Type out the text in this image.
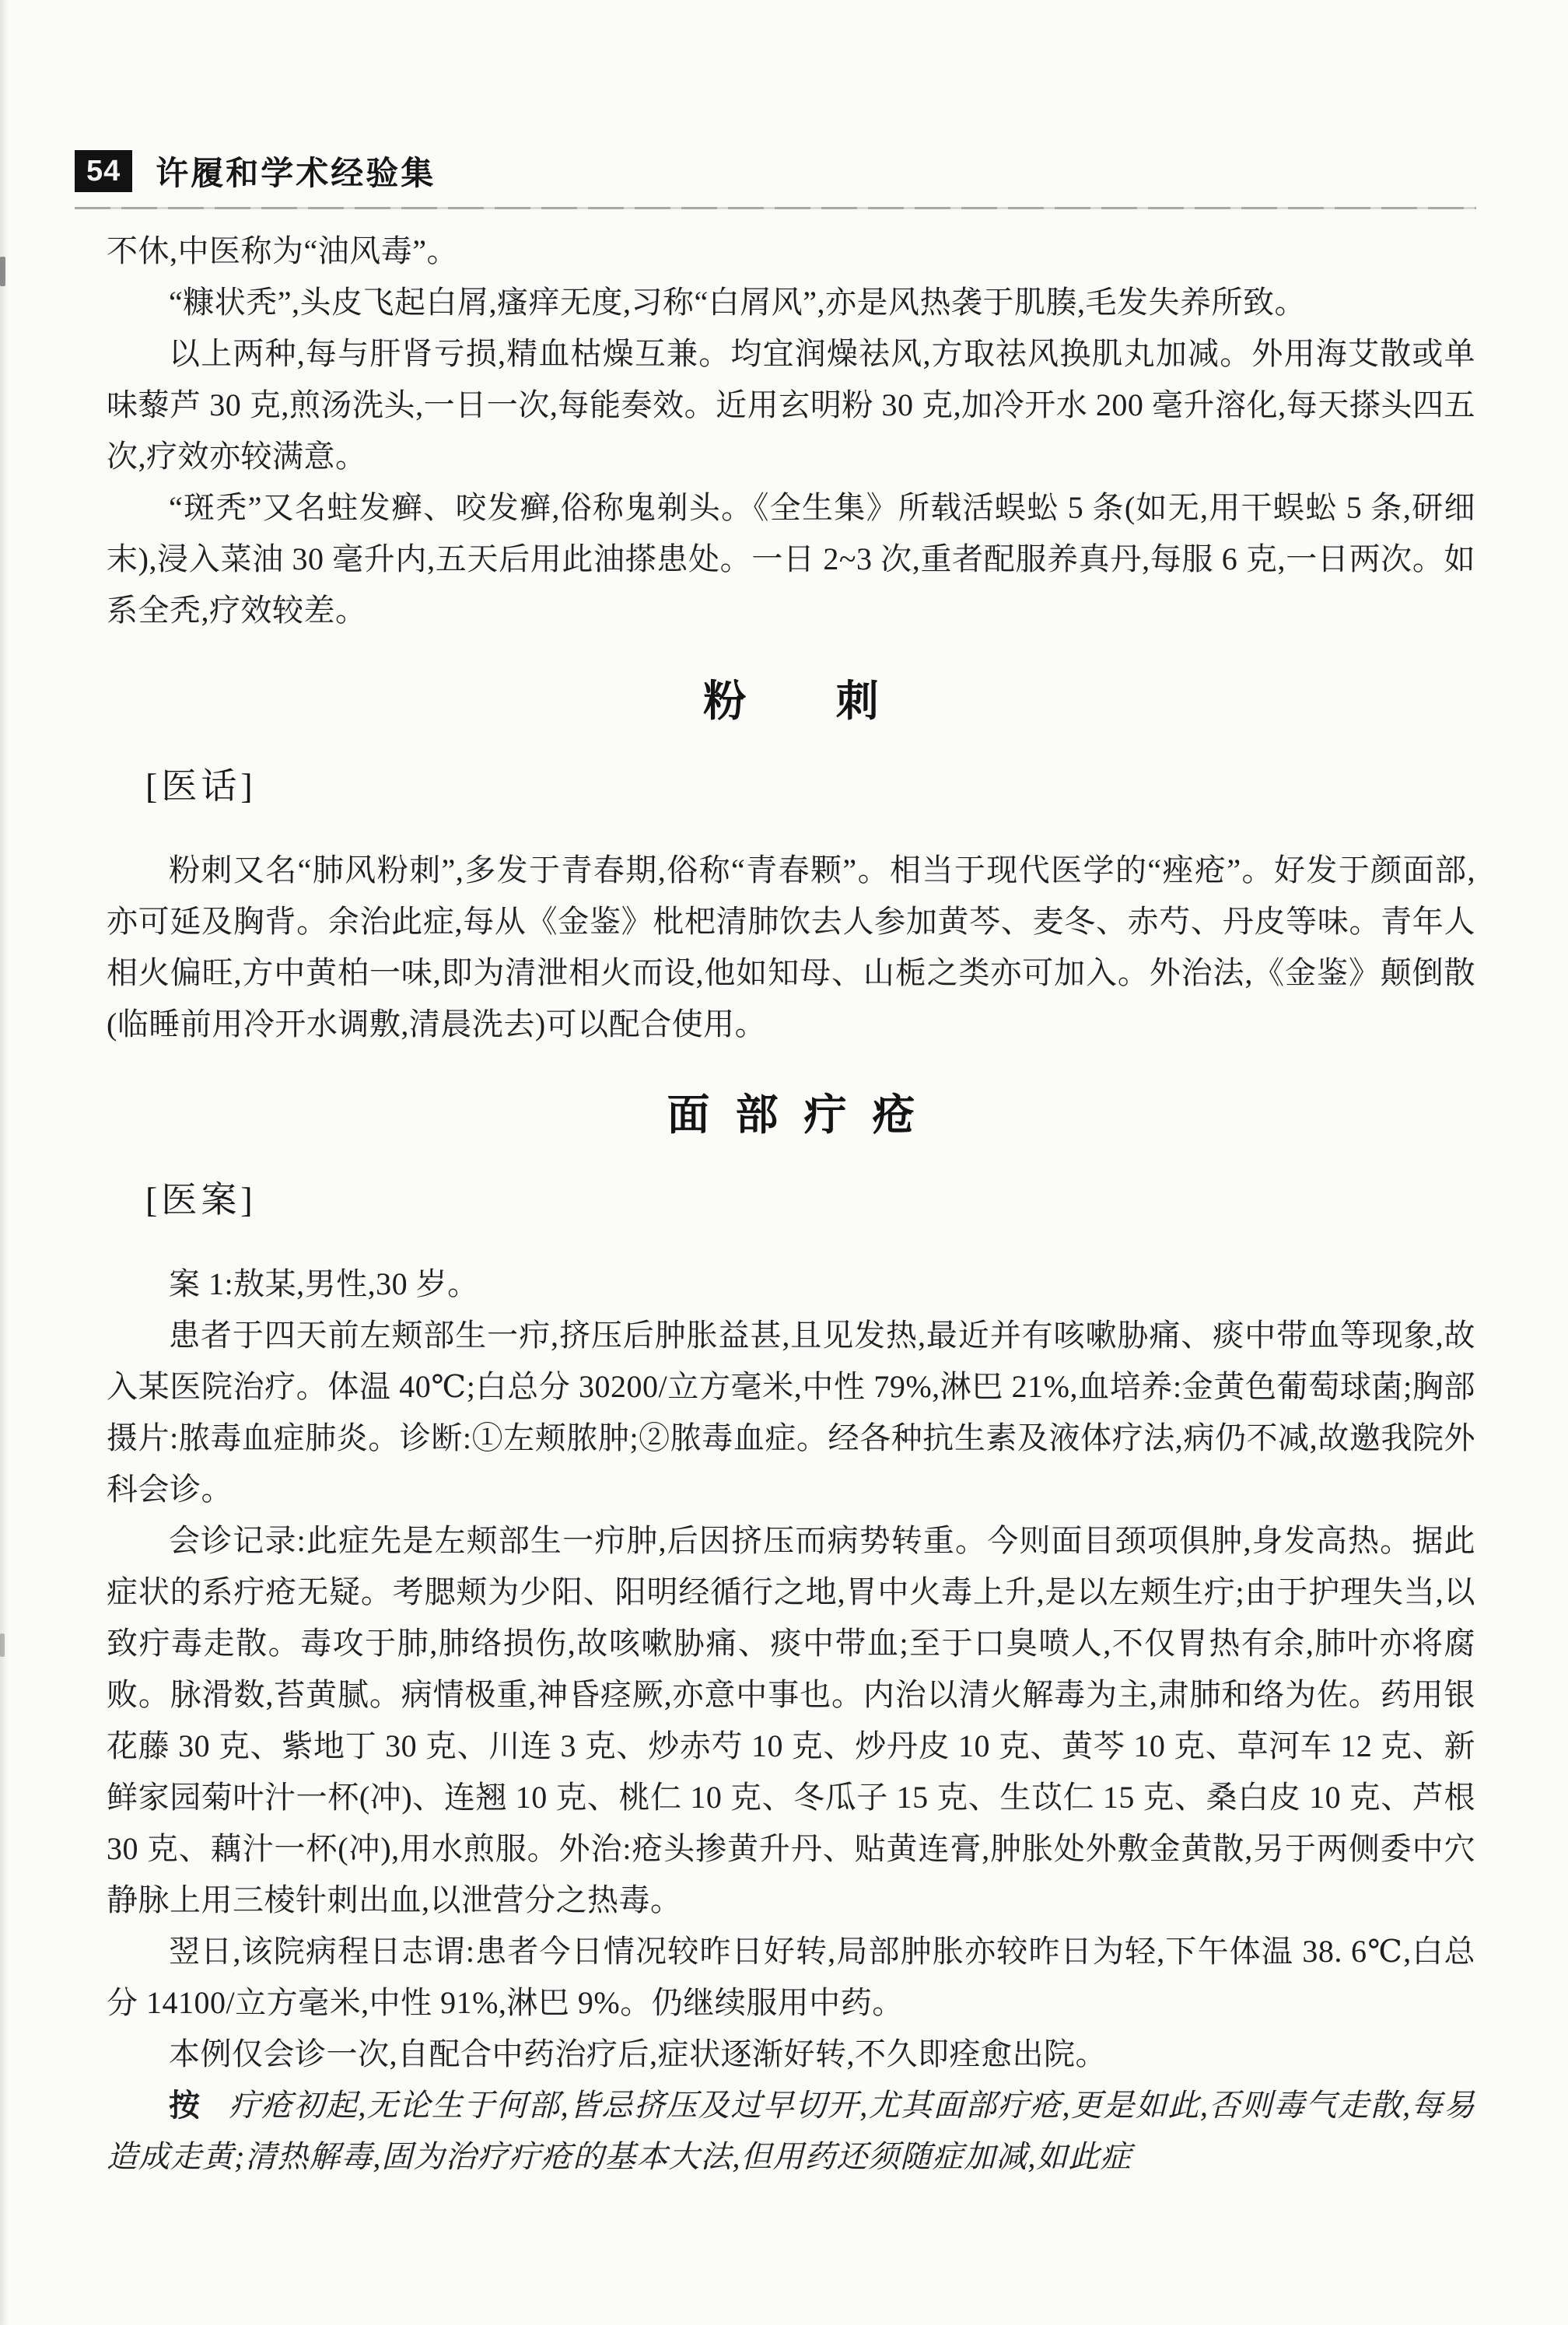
54	许履和学术经验集

不休,中医称为“油风毒”。

“糠状秃”,头皮飞起白屑,瘙痒无度,习称“白屑风”,亦是风热袭于肌腠,毛发失养所致。

以上两种,每与肝肾亏损,精血枯燥互兼。均宜润燥祛风,方取祛风换肌丸加减。外用海艾散或单味藜芦 30 克,煎汤洗头,一日一次,每能奏效。近用玄明粉 30 克,加冷开水 200 毫升溶化,每天搽头四五次,疗效亦较满意。

“斑秃”又名蛀发癣、咬发癣,俗称鬼剃头。《全生集》所载活蜈蚣 5 条(如无,用干蜈蚣 5 条,研细末),浸入菜油 30 毫升内,五天后用此油搽患处。一日 2~3 次,重者配服养真丹,每服 6 克,一日两次。如系全秃,疗效较差。

粉刺
[医话]

粉刺又名“肺风粉刺”,多发于青春期,俗称“青春颗”。相当于现代医学的“痤疮”。好发于颜面部,亦可延及胸背。余治此症,每从《金鉴》枇杷清肺饮去人参加黄芩、麦冬、赤芍、丹皮等味。青年人相火偏旺,方中黄柏一味,即为清泄相火而设,他如知母、山栀之类亦可加入。外治法,《金鉴》颠倒散(临睡前用冷开水调敷,清晨洗去)可以配合使用。

面部疔疮
[医案]

案 1:敖某,男性,30 岁。

患者于四天前左颊部生一疖,挤压后肿胀益甚,且见发热,最近并有咳嗽胁痛、痰中带血等现象,故入某医院治疗。体温 40℃;白总分 30200/立方毫米,中性 79%,淋巴 21%,血培养:金黄色葡萄球菌;胸部摄片:脓毒血症肺炎。诊断:①左颊脓肿;②脓毒血症。经各种抗生素及液体疗法,病仍不减,故邀我院外科会诊。

会诊记录:此症先是左颊部生一疖肿,后因挤压而病势转重。今则面目颈项俱肿,身发高热。据此症状的系疔疮无疑。考腮颊为少阳、阳明经循行之地,胃中火毒上升,是以左颊生疔;由于护理失当,以致疔毒走散。毒攻于肺,肺络损伤,故咳嗽胁痛、痰中带血;至于口臭喷人,不仅胃热有余,肺叶亦将腐败。脉滑数,苔黄腻。病情极重,神昏痉厥,亦意中事也。内治以清火解毒为主,肃肺和络为佐。药用银花藤 30 克、紫地丁 30 克、川连 3 克、炒赤芍 10 克、炒丹皮 10 克、黄芩 10 克、草河车 12 克、新鲜家园菊叶汁一杯(冲)、连翘 10 克、桃仁 10 克、冬瓜子 15 克、生苡仁 15 克、桑白皮 10 克、芦根 30 克、藕汁一杯(冲),用水煎服。外治:疮头掺黄升丹、贴黄连膏,肿胀处外敷金黄散,另于两侧委中穴静脉上用三棱针刺出血,以泄营分之热毒。

翌日,该院病程日志谓:患者今日情况较昨日好转,局部肿胀亦较昨日为轻,下午体温 38. 6℃,白总分 14100/立方毫米,中性 91%,淋巴 9%。仍继续服用中药。

本例仅会诊一次,自配合中药治疗后,症状逐渐好转,不久即痊愈出院。

按 疔疮初起,无论生于何部,皆忌挤压及过早切开,尤其面部疔疮,更是如此,否则毒气走散,每易造成走黄;清热解毒,固为治疗疔疮的基本大法,但用药还须随症加减,如此症
